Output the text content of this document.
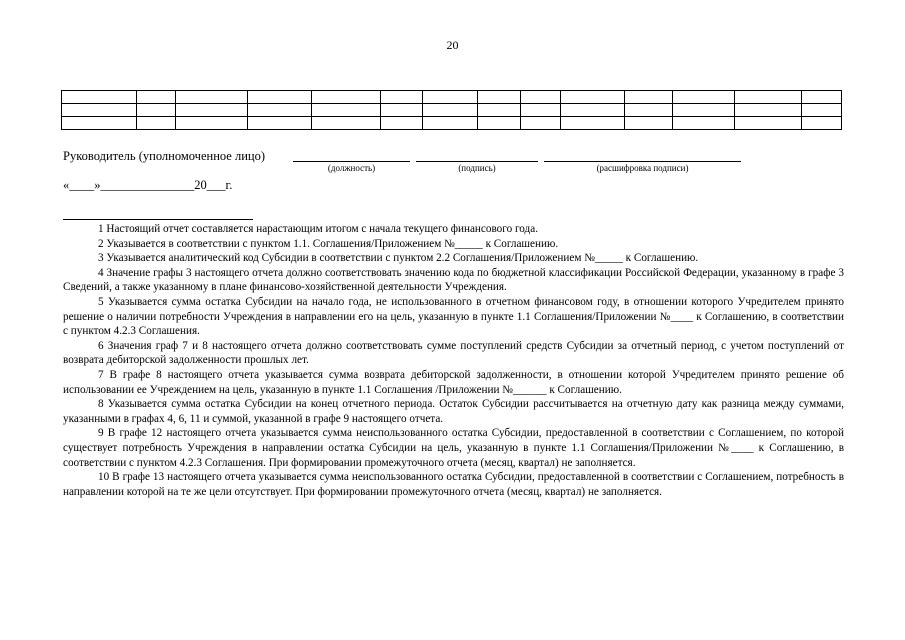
20

Руководитель (уполномоченное лицо)
(должность)	(подпись)	(расшифровка подписи)
«____»_______________20___г.

1 Настоящий отчет составляется нарастающим итогом с начала текущего финансового года.

2 Указывается в соответствии с пунктом 1.1. Соглашения/Приложением №_____ к Соглашению.

3 Указывается аналитический код Субсидии в соответствии с пунктом 2.2 Соглашения/Приложением №_____ к Соглашению.

4 Значение графы 3 настоящего отчета должно соответствовать значению кода по бюджетной классификации Российской Федерации, указанному в графе 3 Сведений, а также указанному в плане финансово-хозяйственной деятельности Учреждения.

5 Указывается сумма остатка Субсидии на начало года, не использованного в отчетном финансовом году, в отношении которого Учредителем принято решение о наличии потребности Учреждения в направлении его на цель, указанную в пункте 1.1 Соглашения/Приложении №____ к Соглашению, в соответствии с пунктом 4.2.3 Соглашения.

6 Значения граф 7 и 8 настоящего отчета должно соответствовать сумме поступлений средств Субсидии за отчетный период, с учетом поступлений от возврата дебиторской задолженности прошлых лет.

7 В графе 8 настоящего отчета указывается сумма возврата дебиторской задолженности, в отношении которой Учредителем принято решение об использовании ее Учреждением на цель, указанную в пункте 1.1 Соглашения /Приложении №______ к Соглашению.

8 Указывается сумма остатка Субсидии на конец отчетного периода. Остаток Субсидии рассчитывается на отчетную дату как разница между суммами, указанными в графах 4, 6, 11 и суммой, указанной в графе 9 настоящего отчета.

9 В графе 12 настоящего отчета указывается сумма неиспользованного остатка Субсидии, предоставленной в соответствии с Соглашением, по которой существует потребность Учреждения в направлении остатка Субсидии на цель, указанную в пункте 1.1 Соглашения/Приложении №____ к Соглашению, в соответствии с пунктом 4.2.3 Соглашения. При формировании промежуточного отчета (месяц, квартал) не заполняется.

10 В графе 13 настоящего отчета указывается сумма неиспользованного остатка Субсидии, предоставленной в соответствии с Соглашением, потребность в направлении которой на те же цели отсутствует. При формировании промежуточного отчета (месяц, квартал) не заполняется.
